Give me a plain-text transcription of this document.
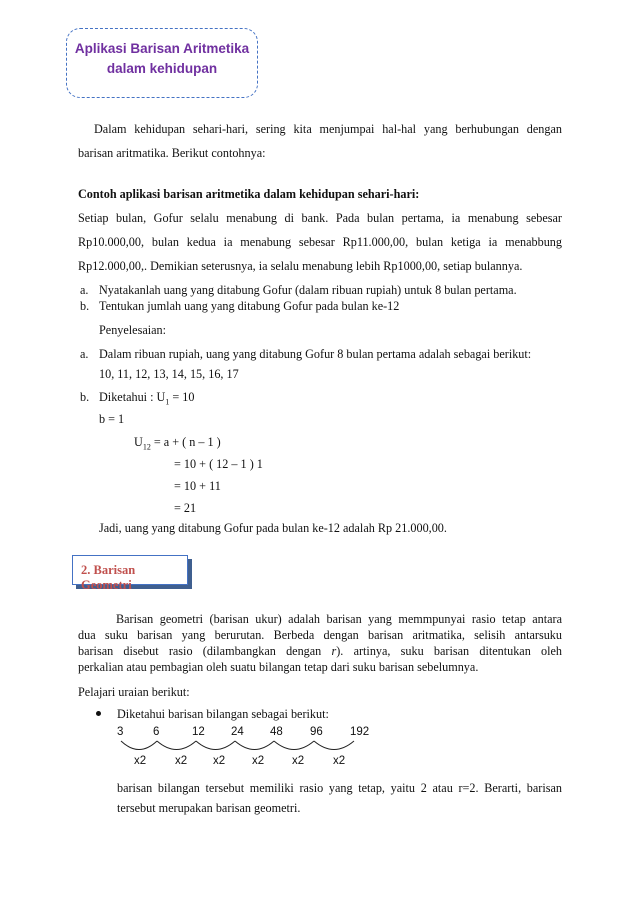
Aplikasi Barisan Aritmetika
dalam kehidupan
Dalam kehidupan sehari-hari, sering kita menjumpai hal-hal yang berhubungan dengan
barisan aritmatika. Berikut contohnya:
Contoh aplikasi barisan aritmetika dalam kehidupan sehari-hari:
Setiap bulan, Gofur selalu menabung di bank. Pada bulan pertama, ia menabung sebesar
Rp10.000,00, bulan kedua ia menabung sebesar Rp11.000,00, bulan ketiga ia menabbung
Rp12.000,00,. Demikian seterusnya, ia selalu menabung lebih Rp1000,00, setiap bulannya.
a. Nyatakanlah uang yang ditabung Gofur (dalam ribuan rupiah) untuk 8 bulan pertama.
b. Tentukan jumlah uang yang ditabung Gofur pada bulan ke-12
Penyelesaian:
a. Dalam ribuan rupiah, uang yang ditabung Gofur 8 bulan pertama adalah sebagai berikut:
10, 11, 12, 13, 14, 15, 16, 17
b. Diketahui : $U_1 = 10$
b = 1
$U_{12} = a$ + ( n – 1 )
= 10 + ( 12 – 1 ) 1
= 10 + 11
= 21
Jadi, uang yang ditabung Gofur pada bulan ke-12 adalah Rp 21.000,00.
2. Barisan Geometri
Barisan geometri (barisan ukur) adalah barisan yang memmpunyai rasio tetap antara
dua suku barisan yang berurutan. Berbeda dengan barisan aritmatika, selisih antarsuku
barisan disebut rasio (dilambangkan dengan r). artinya, suku barisan ditentukan oleh
perkalian atau pembagian oleh suatu bilangan tetap dari suku barisan sebelumnya.
Pelajari uraian berikut:
Diketahui barisan bilangan sebagai berikut:
3	6	12 24 48 96 192
x2	x2 x2 x2 x2	x2
barisan bilangan tersebut memiliki rasio yang tetap, yaitu 2 atau r=2. Berarti, barisan
tersebut merupakan barisan geometri.
